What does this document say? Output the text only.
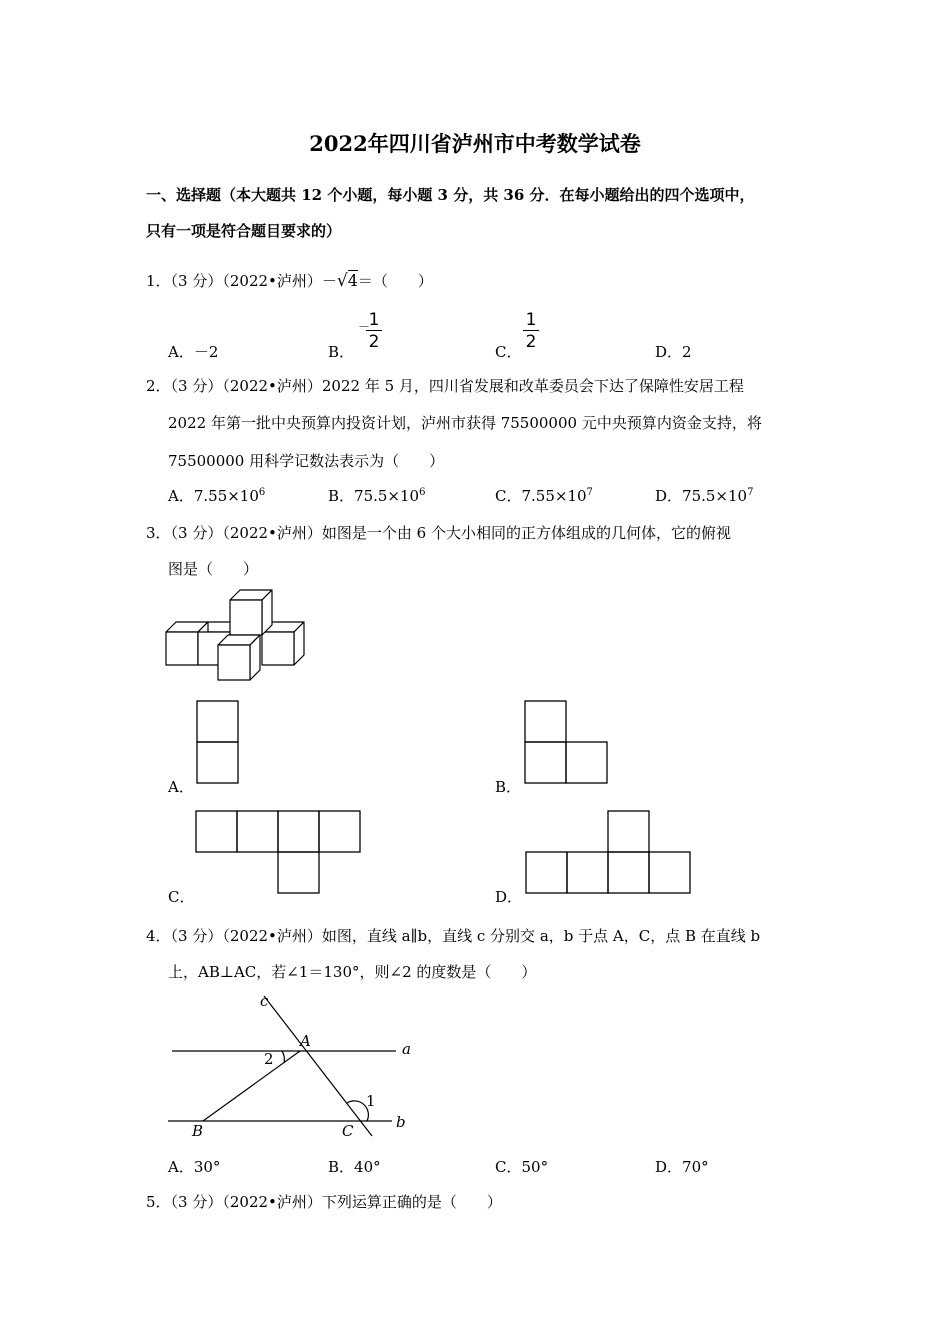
2022年四川省泸州市中考数学试卷
一、选择题（本大题共 12 个小题，每小题 3 分，共 36 分．在每小题给出的四个选项中，
只有一项是符合题目要求的）
1．（3 分）（2022•泸州）－√4＝（　　）
A．－2	B．
－
1
2	C．
1
2	D．2
2．（3 分）（2022•泸州）2022 年 5 月，四川省发展和改革委员会下达了保障性安居工程
2022 年第一批中央预算内投资计划，泸州市获得 75500000 元中央预算内资金支持，将
75500000 用科学记数法表示为（　　）
A．$7.55\times 10^6$	B．$75.5\times 10^6$	C．$7.55\times 10^7$	D．$75.5\times 10^7$
3．（3 分）（2022•泸州）如图是一个由 6 个大小相同的正方体组成的几何体，它的俯视
图是（　　）
A．	B．
C．	D．
4．（3 分）（2022•泸州）如图，直线 a∥b，直线 c 分别交 a，b 于点 A，C，点 B 在直线 b
上，AB⊥AC，若∠1＝130°，则∠2 的度数是（　　）
c
A	a
2
1
B	C	b
A．30°	B．40°	C．50°	D．70°
5．（3 分）（2022•泸州）下列运算正确的是（　　）
